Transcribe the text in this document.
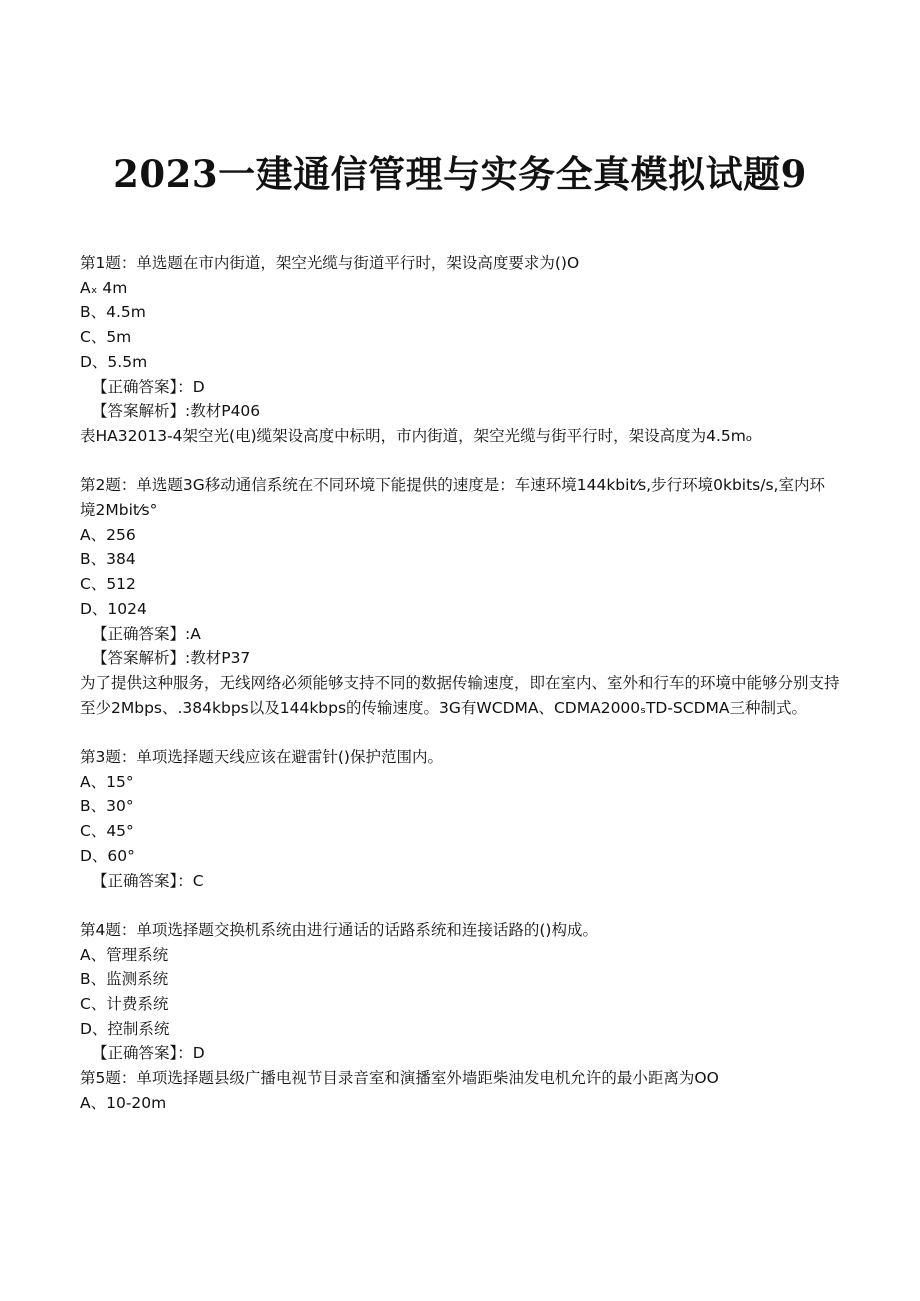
2023一建通信管理与实务全真模拟试题9
第1题：单选题在市内街道，架空光缆与街道平行时，架设高度要求为()O
Aₓ 4m
B、4.5m
C、5m
D、5.5m
【正确答案】：D
【答案解析】:教材P406
表HA32013-4架空光(电)缆架设高度中标明，市内街道，架空光缆与街平行时，架设高度为4.5mₒ
第2题：单选题3G移动通信系统在不同环境下能提供的速度是：车速环境144kbit⁄s,步行环境0kbits/s,室内环境2Mbit⁄s°
A、256
B、384
C、512
D、1024
【正确答案】:A
【答案解析】:教材P37
为了提供这种服务，无线网络必须能够支持不同的数据传输速度，即在室内、室外和行车的环境中能够分别支持至少2Mbps、.384kbps以及144kbps的传输速度。3G有WCDMA、CDMA2000ₛTD-SCDMA三种制式。
第3题：单项选择题天线应该在避雷针()保护范围内。
A、15°
B、30°
C、45°
D、60°
【正确答案】：C
第4题：单项选择题交换机系统由进行通话的话路系统和连接话路的()构成。
A、管理系统
B、监测系统
C、计费系统
D、控制系统
【正确答案】：D
第5题：单项选择题县级广播电视节目录音室和演播室外墙距柴油发电机允许的最小距离为OO
A、10-20m
